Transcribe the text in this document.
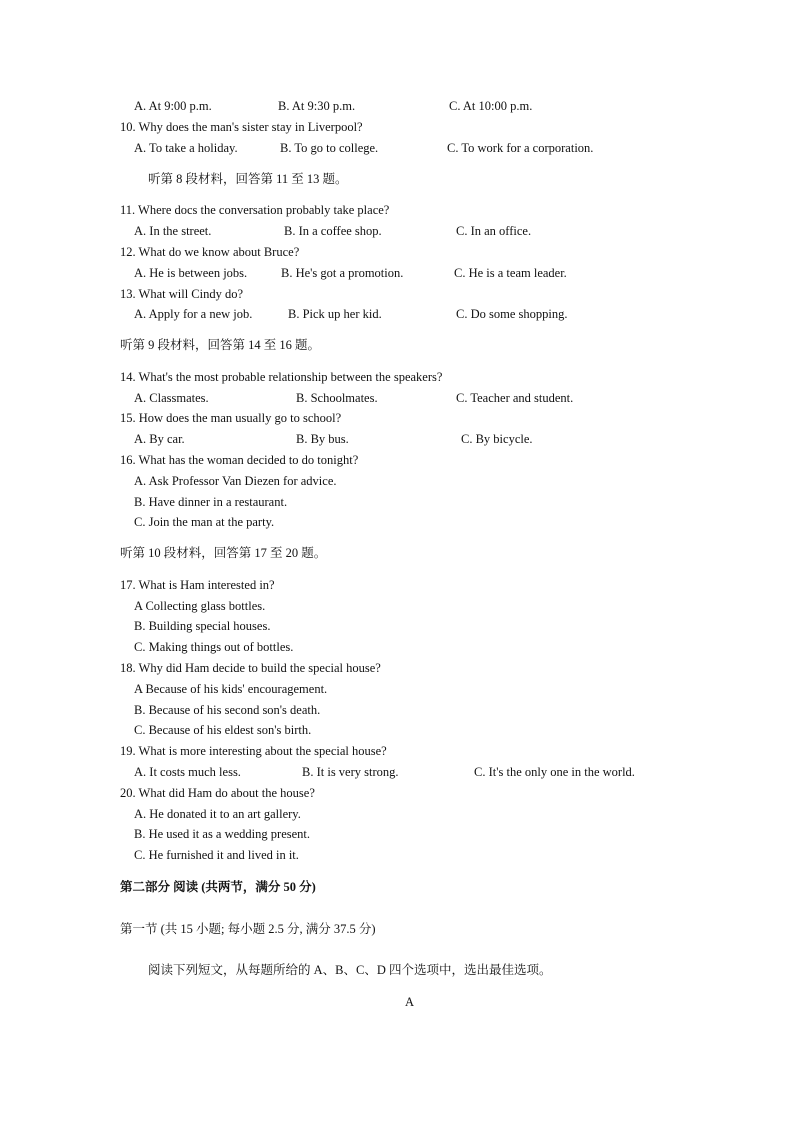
A. At 9:00 p.m.	B. At 9:30 p.m.	C. At 10:00 p.m.
10. Why does the man's sister stay in Liverpool?
A. To take a holiday.	B. To go to college.	C. To work for a corporation.
听第 8 段材料，回答第 11 至 13 题。
11. Where docs the conversation probably take place?
A. In the street.	B. In a coffee shop.	C. In an office.
12. What do we know about Bruce?
A. He is between jobs.	B. He's got a promotion.	C. He is a team leader.
13. What will Cindy do?
A. Apply for a new job.	B. Pick up her kid.	C. Do some shopping.
听第 9 段材料，回答第 14 至 16 题。
14. What's the most probable relationship between the speakers?
A. Classmates.	B. Schoolmates.	C. Teacher and student.
15. How does the man usually go to school?
A. By car.	B. By bus.	C. By bicycle.
16. What has the woman decided to do tonight?
A. Ask Professor Van Diezen for advice.
B. Have dinner in a restaurant.
C. Join the man at the party.
听第 10 段材料，回答第 17 至 20 题。
17. What is Ham interested in?
A Collecting glass bottles.
B. Building special houses.
C. Making things out of bottles.
18. Why did Ham decide to build the special house?
A Because of his kids' encouragement.
B. Because of his second son's death.
C. Because of his eldest son's birth.
19. What is more interesting about the special house?
A. It costs much less.	B. It is very strong.	C. It's the only one in the world.
20. What did Ham do about the house?
A. He donated it to an art gallery.
B. He used it as a wedding present.
C. He furnished it and lived in it.
第二部分 阅读 (共两节，满分 50 分)
第一节 (共 15 小题; 每小题 2.5 分, 满分 37.5 分)
阅读下列短文，从每题所给的 A、B、C、D 四个选项中，选出最佳选项。
A
